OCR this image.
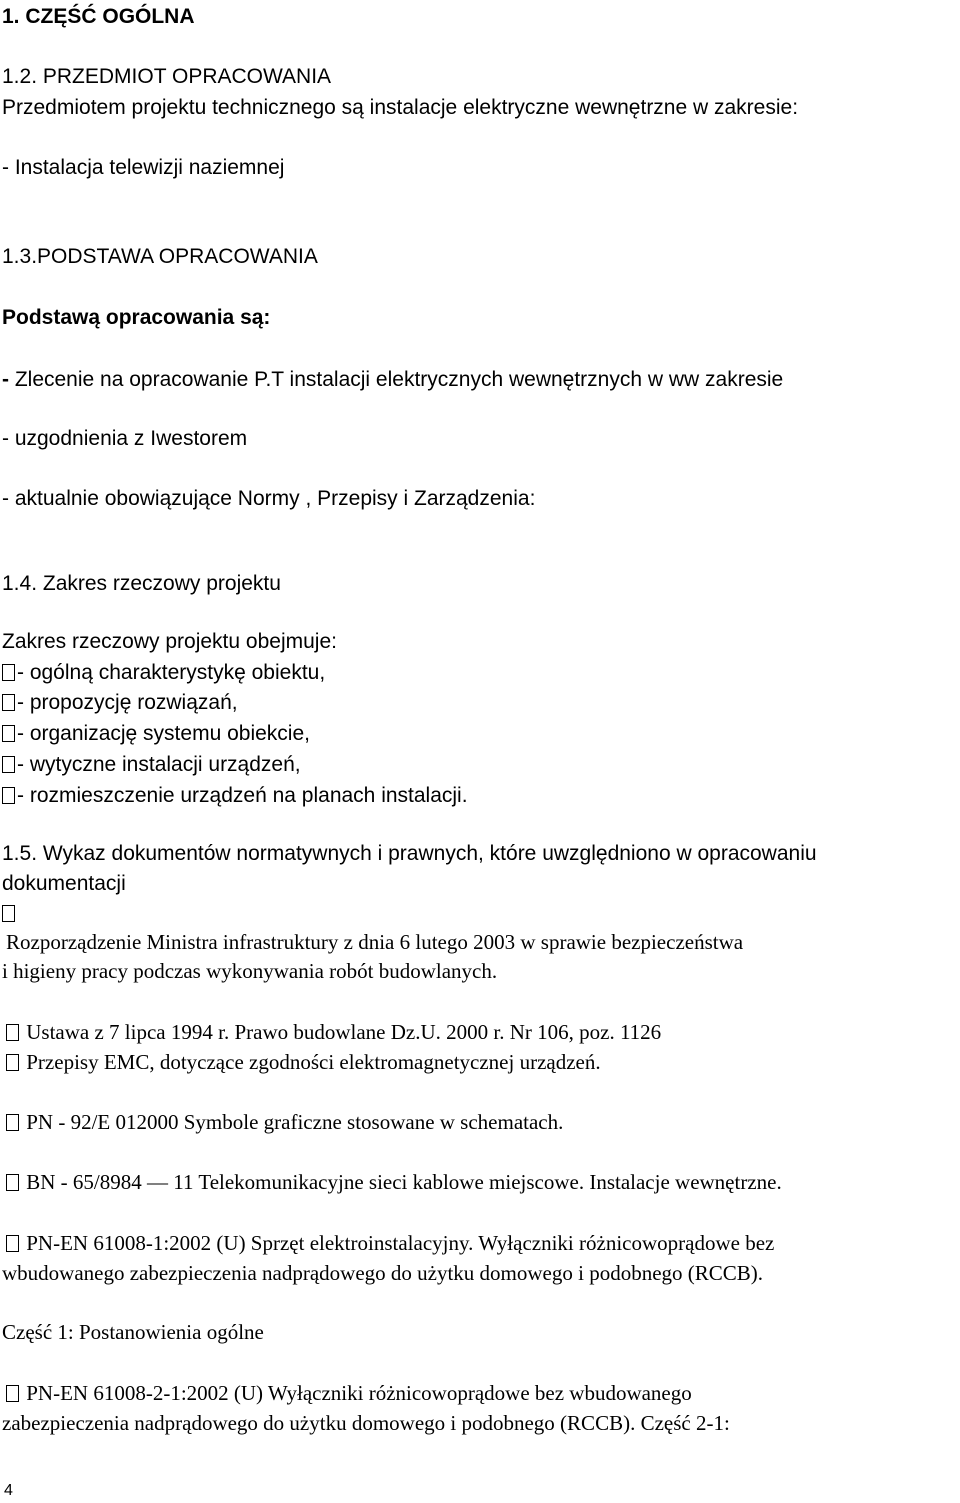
1. CZĘŚĆ OGÓLNA
1.2. PRZEDMIOT OPRACOWANIA
Przedmiotem projektu technicznego są instalacje elektryczne wewnętrzne w zakresie:
- Instalacja telewizji naziemnej
1.3.PODSTAWA OPRACOWANIA
Podstawą opracowania są:
- Zlecenie na opracowanie P.T instalacji elektrycznych wewnętrznych w ww zakresie
- uzgodnienia z Iwestorem
- aktualnie obowiązujące Normy , Przepisy i Zarządzenia:
1.4. Zakres rzeczowy projektu
Zakres rzeczowy projektu obejmuje:
- ogólną charakterystykę obiektu,
- propozycję rozwiązań,
- organizację systemu obiekcie,
- wytyczne instalacji urządzeń,
- rozmieszczenie urządzeń na planach instalacji.
1.5. Wykaz dokumentów normatywnych i prawnych, które uwzględniono w opracowaniu
dokumentacji
Rozporządzenie Ministra infrastruktury z dnia 6 lutego 2003 w sprawie bezpieczeństwa
i higieny pracy podczas wykonywania robót budowlanych.
Ustawa z 7 lipca 1994 r. Prawo budowlane Dz.U. 2000 r. Nr 106, poz. 1126
Przepisy EMC, dotyczące zgodności elektromagnetycznej urządzeń.
PN - 92/E 012000 Symbole graficzne stosowane w schematach.
BN - 65/8984 — 11 Telekomunikacyjne sieci kablowe miejscowe. Instalacje wewnętrzne.
PN-EN 61008-1:2002 (U) Sprzęt elektroinstalacyjny. Wyłączniki różnicowoprądowe bez
wbudowanego zabezpieczenia nadprądowego do użytku domowego i podobnego (RCCB).
Część 1: Postanowienia ogólne
PN-EN 61008-2-1:2002 (U) Wyłączniki różnicowoprądowe bez wbudowanego
zabezpieczenia nadprądowego do użytku domowego i podobnego (RCCB). Część 2-1:
4
